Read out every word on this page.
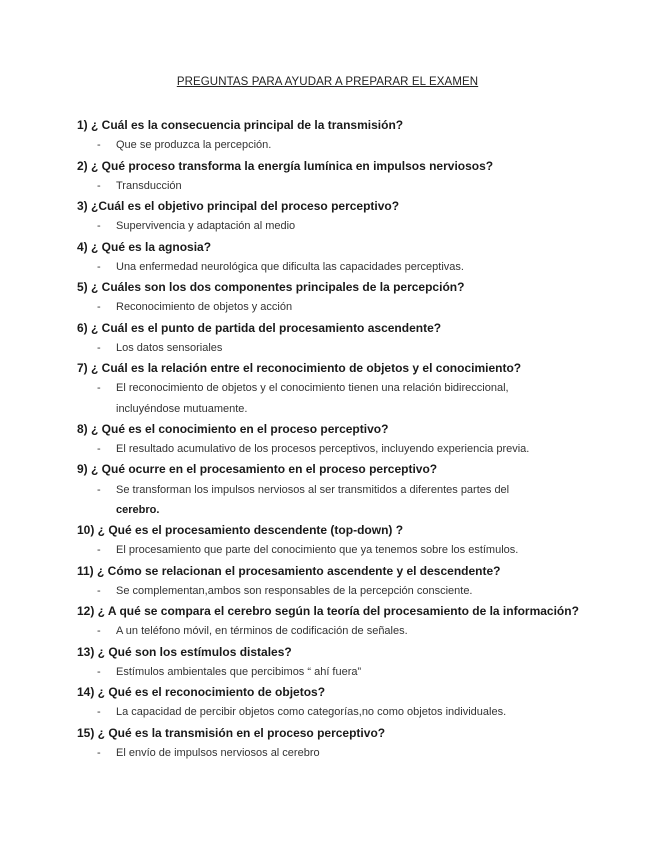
PREGUNTAS PARA AYUDAR A PREPARAR EL EXAMEN
1) ¿ Cuál es la consecuencia principal de la transmisión?
- Que se produzca la percepción.
2) ¿ Qué proceso transforma la energía lumínica en impulsos nerviosos?
- Transducción
3) ¿Cuál es el objetivo principal del proceso perceptivo?
- Supervivencia y adaptación al medio
4) ¿ Qué es la agnosia?
- Una enfermedad neurológica que dificulta las capacidades perceptivas.
5) ¿ Cuáles son los dos componentes principales de la percepción?
- Reconocimiento de objetos y acción
6) ¿ Cuál es el punto de partida del procesamiento ascendente?
- Los datos sensoriales
7) ¿ Cuál es la relación entre el reconocimiento de objetos y el conocimiento?
- El reconocimiento de objetos y el conocimiento tienen una relación bidireccional,
incluyéndose mutuamente.
8) ¿ Qué es el conocimiento en el proceso perceptivo?
- El resultado acumulativo de los procesos perceptivos, incluyendo experiencia previa.
9) ¿ Qué ocurre en el procesamiento en el proceso perceptivo?
- Se transforman los impulsos nerviosos al ser transmitidos a diferentes partes del
cerebro.
10) ¿ Qué es el procesamiento descendente (top-down) ?
- El procesamiento que parte del conocimiento que ya tenemos sobre los estímulos.
11) ¿ Cómo se relacionan el procesamiento ascendente y el descendente?
- Se complementan,ambos son responsables de la percepción consciente.
12) ¿ A qué se compara el cerebro según la teoría del procesamiento de la información?
- A un teléfono móvil, en términos de codificación de señales.
13) ¿ Qué son los estímulos distales?
- Estímulos ambientales que percibimos “ ahí fuera”
14) ¿ Qué es el reconocimiento de objetos?
- La capacidad de percibir objetos como categorías,no como objetos individuales.
15) ¿ Qué es la transmisión en el proceso perceptivo?
- El envío de impulsos nerviosos al cerebro
